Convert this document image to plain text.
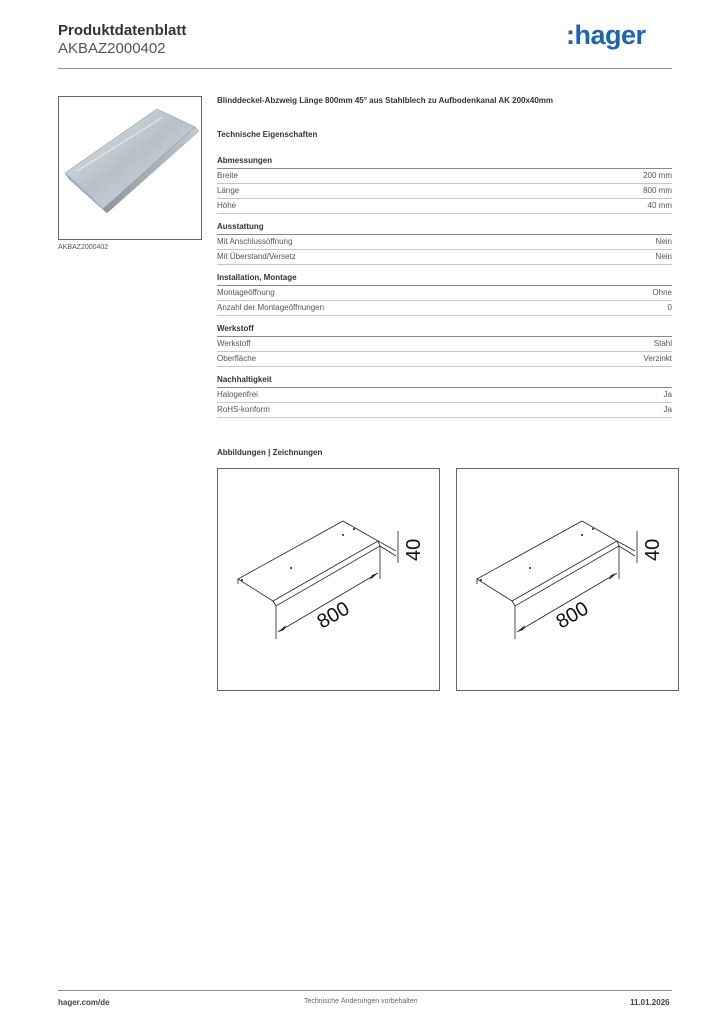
Produktdatenblatt
AKBAZ2000402	:hager
AKBAZ2000402
Blinddeckel-Abzweig Länge 800mm 45° aus Stahlblech zu Aufbodenkanal AK 200x40mm
Technische Eigenschaften
Abmessungen
Breite	200 mm
Länge	800 mm
Höhe	40 mm
Ausstattung
Mit Anschlussöffnung	Nein
Mit Überstand/Versetz	Nein
Installation, Montage
Montageöffnung	Ohne
Anzahl der Montageöffnungen	0
Werkstoff
Werkstoff	Stahl
Oberfläche	Verzinkt
Nachhaltigkeit
Halogenfrei	Ja
RoHS-konform	Ja
Abbildungen | Zeichnungen
800
40
800
40
hager.com/de	Technische Änderungen vorbehalten	11.01.2026
